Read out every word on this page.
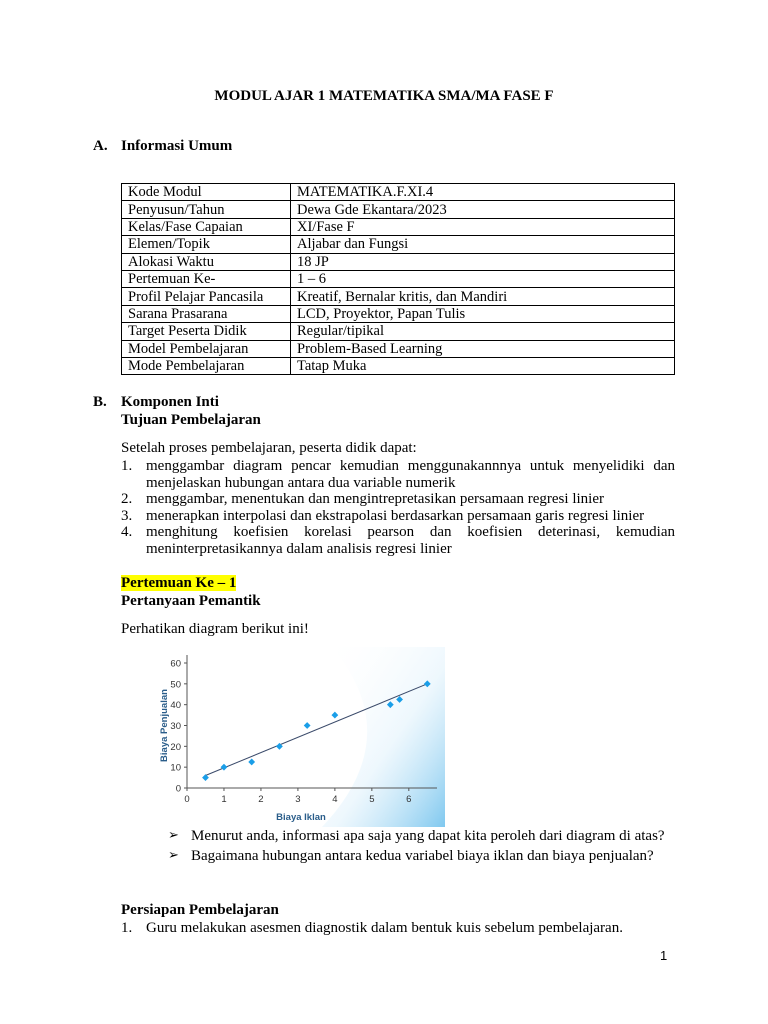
MODUL AJAR 1 MATEMATIKA SMA/MA FASE F
A. Informasi Umum
Kode Modul	MATEMATIKA.F.XI.4
Penyusun/Tahun	Dewa Gde Ekantara/2023
Kelas/Fase Capaian	XI/Fase F
Elemen/Topik	Aljabar dan Fungsi
Alokasi Waktu	18 JP
Pertemuan Ke-	1 – 6
Profil Pelajar Pancasila	Kreatif, Bernalar kritis, dan Mandiri
Sarana Prasarana	LCD, Proyektor, Papan Tulis
Target Peserta Didik	Regular/tipikal
Model Pembelajaran	Problem-Based Learning
Mode Pembelajaran	Tatap Muka
B. Komponen Inti
Tujuan Pembelajaran
Setelah proses pembelajaran, peserta didik dapat:
1. menggambar diagram pencar kemudian menggunakannnya untuk menyelidiki dan menjelaskan hubungan antara dua variable numerik
2. menggambar, menentukan dan mengintrepretasikan persamaan regresi linier
3. menerapkan interpolasi dan ekstrapolasi berdasarkan persamaan garis regresi linier
4. menghitung koefisien korelasi pearson dan koefisien deterinasi, kemudian meninterpretasikannya dalam analisis regresi linier
Pertemuan Ke – 1
Pertanyaan Pemantik
Perhatikan diagram berikut ini!
0
10
20
30
40
50
60
0	1	2	3	4	5	6
Biaya Iklan
Biaya Penjualan
➢ Menurut anda, informasi apa saja yang dapat kita peroleh dari diagram di atas?
➢ Bagaimana hubungan antara kedua variabel biaya iklan dan biaya penjualan?
Persiapan Pembelajaran
1. Guru melakukan asesmen diagnostik dalam bentuk kuis sebelum pembelajaran.
1
